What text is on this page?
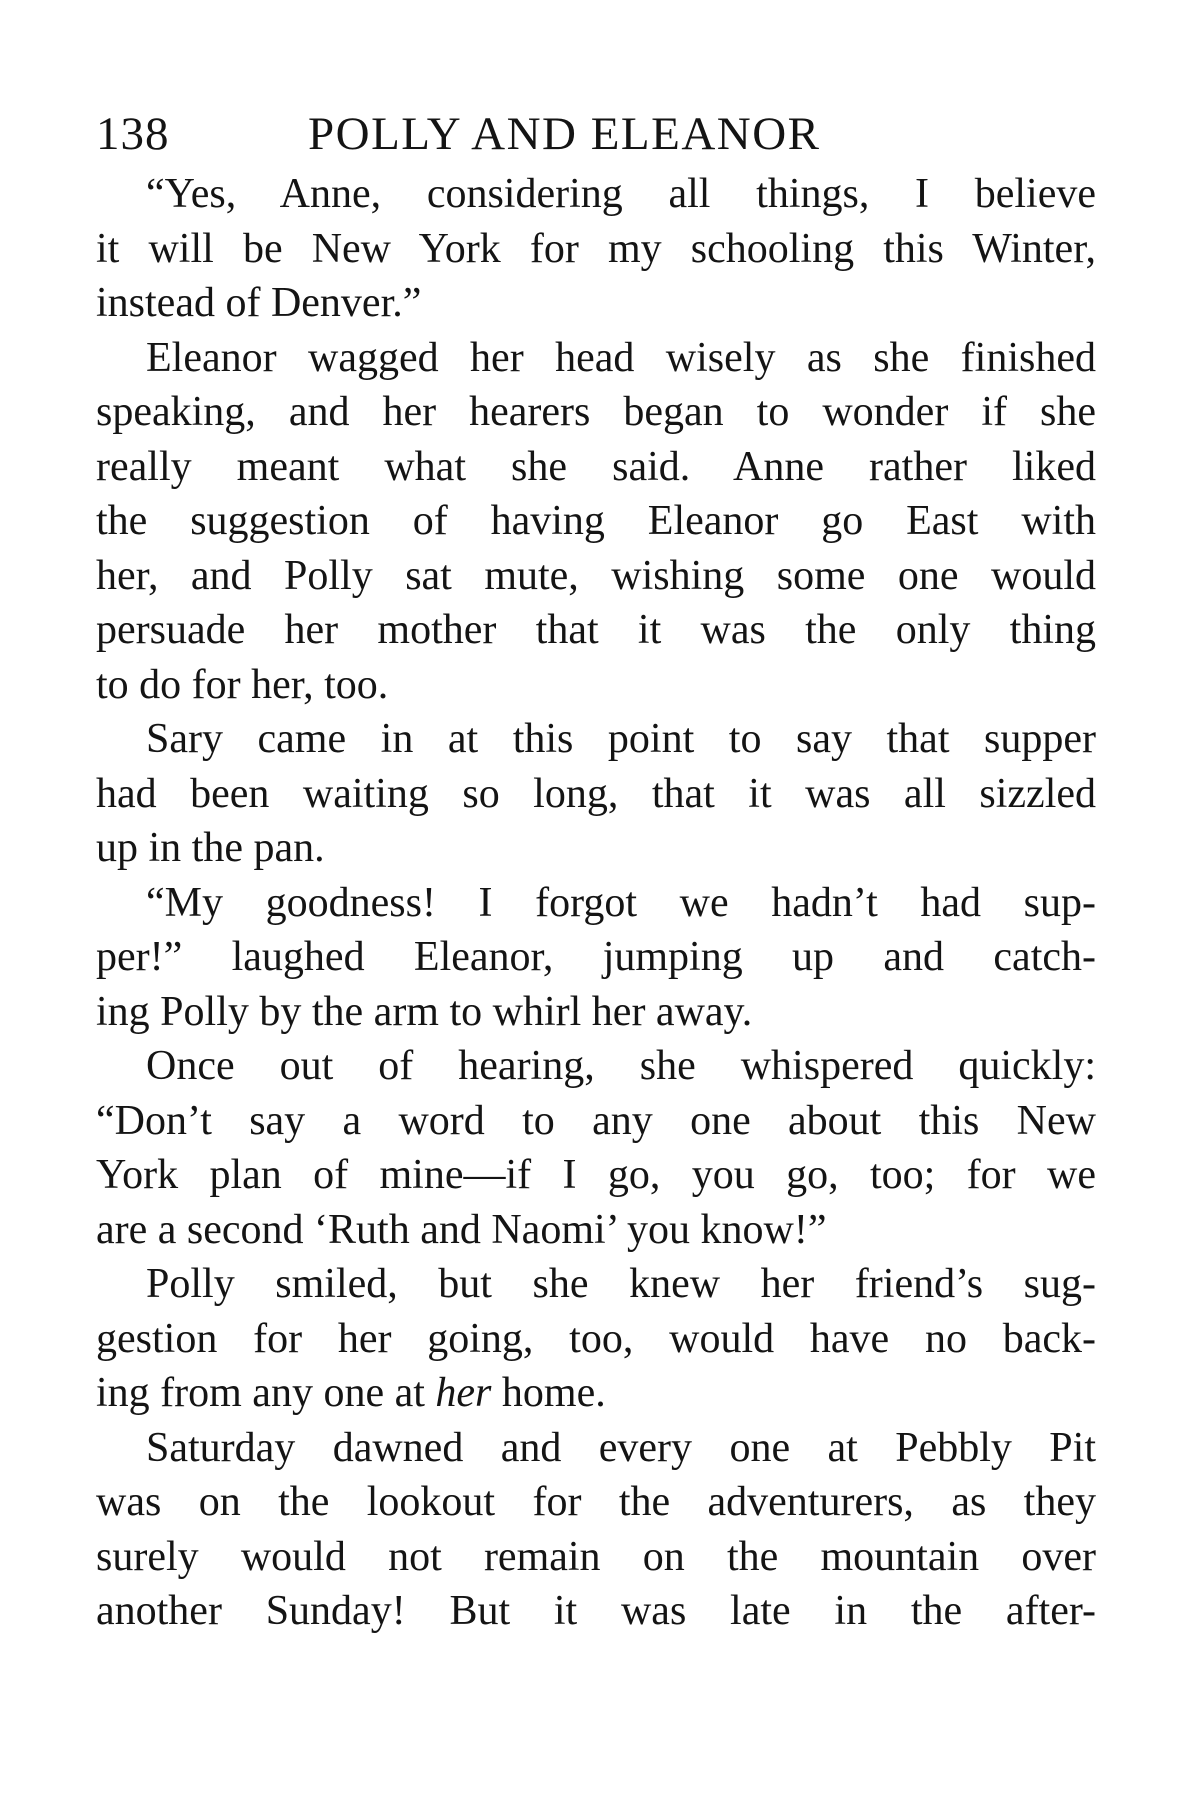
138	POLLY AND ELEANOR
“Yes, Anne, considering all things, I believe
it will be New York for my schooling this Winter,
instead of Denver.”
Eleanor wagged her head wisely as she finished
speaking, and her hearers began to wonder if she
really meant what she said. Anne rather liked
the suggestion of having Eleanor go East with
her, and Polly sat mute, wishing some one would
persuade her mother that it was the only thing
to do for her, too.
Sary came in at this point to say that supper
had been waiting so long, that it was all sizzled
up in the pan.
“My goodness! I forgot we hadn’t had sup-
per!” laughed Eleanor, jumping up and catch-
ing Polly by the arm to whirl her away.
Once out of hearing, she whispered quickly:
“Don’t say a word to any one about this New
York plan of mine—if I go, you go, too; for we
are a second ‘Ruth and Naomi’ you know!”
Polly smiled, but she knew her friend’s sug-
gestion for her going, too, would have no back-
ing from any one at her home.
Saturday dawned and every one at Pebbly Pit
was on the lookout for the adventurers, as they
surely would not remain on the mountain over
another Sunday! But it was late in the after-
